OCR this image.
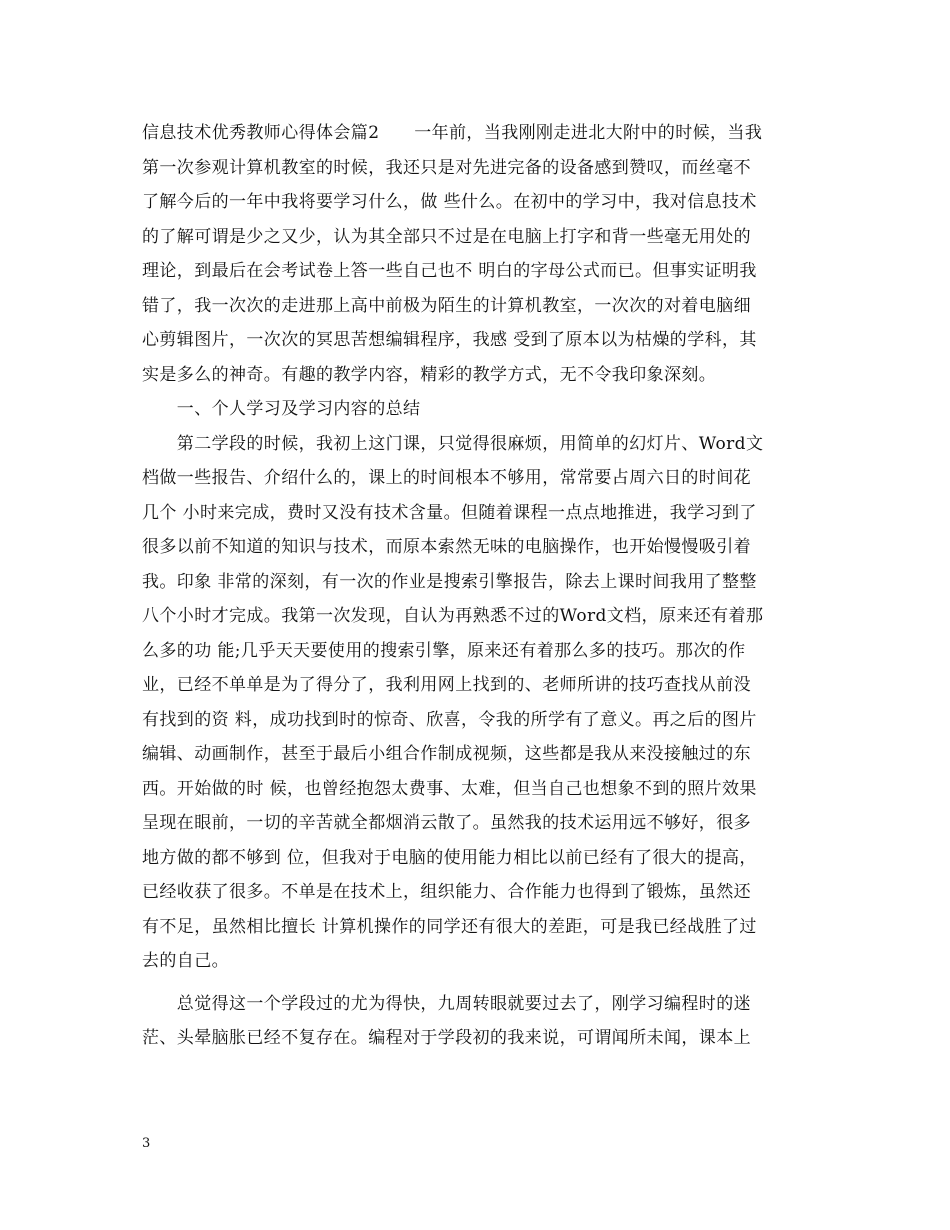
信息技术优秀教师心得体会篇2　　一年前，当我刚刚走进北大附中的时候，当我
第一次参观计算机教室的时候，我还只是对先进完备的设备感到赞叹，而丝毫不
了解今后的一年中我将要学习什么，做 些什么。在初中的学习中，我对信息技术
的了解可谓是少之又少，认为其全部只不过是在电脑上打字和背一些毫无用处的
理论，到最后在会考试卷上答一些自己也不 明白的字母公式而已。但事实证明我
错了，我一次次的走进那上高中前极为陌生的计算机教室，一次次的对着电脑细
心剪辑图片，一次次的冥思苦想编辑程序，我感 受到了原本以为枯燥的学科，其
实是多么的神奇。有趣的教学内容，精彩的教学方式，无不令我印象深刻。
　　一、个人学习及学习内容的总结
　　第二学段的时候，我初上这门课，只觉得很麻烦，用简单的幻灯片、Word文
档做一些报告、介绍什么的，课上的时间根本不够用，常常要占周六日的时间花
几个 小时来完成，费时又没有技术含量。但随着课程一点点地推进，我学习到了
很多以前不知道的知识与技术，而原本索然无味的电脑操作，也开始慢慢吸引着
我。印象 非常的深刻，有一次的作业是搜索引擎报告，除去上课时间我用了整整
八个小时才完成。我第一次发现，自认为再熟悉不过的Word文档，原来还有着那
么多的功 能;几乎天天要使用的搜索引擎，原来还有着那么多的技巧。那次的作
业，已经不单单是为了得分了，我利用网上找到的、老师所讲的技巧查找从前没
有找到的资 料，成功找到时的惊奇、欣喜，令我的所学有了意义。再之后的图片
编辑、动画制作，甚至于最后小组合作制成视频，这些都是我从来没接触过的东
西。开始做的时 候，也曾经抱怨太费事、太难，但当自己也想象不到的照片效果
呈现在眼前，一切的辛苦就全都烟消云散了。虽然我的技术运用远不够好，很多
地方做的都不够到 位，但我对于电脑的使用能力相比以前已经有了很大的提高，
已经收获了很多。不单是在技术上，组织能力、合作能力也得到了锻炼，虽然还
有不足，虽然相比擅长 计算机操作的同学还有很大的差距，可是我已经战胜了过
去的自己。
　　总觉得这一个学段过的尤为得快，九周转眼就要过去了，刚学习编程时的迷
茫、头晕脑胀已经不复存在。编程对于学段初的我来说，可谓闻所未闻，课本上
3
